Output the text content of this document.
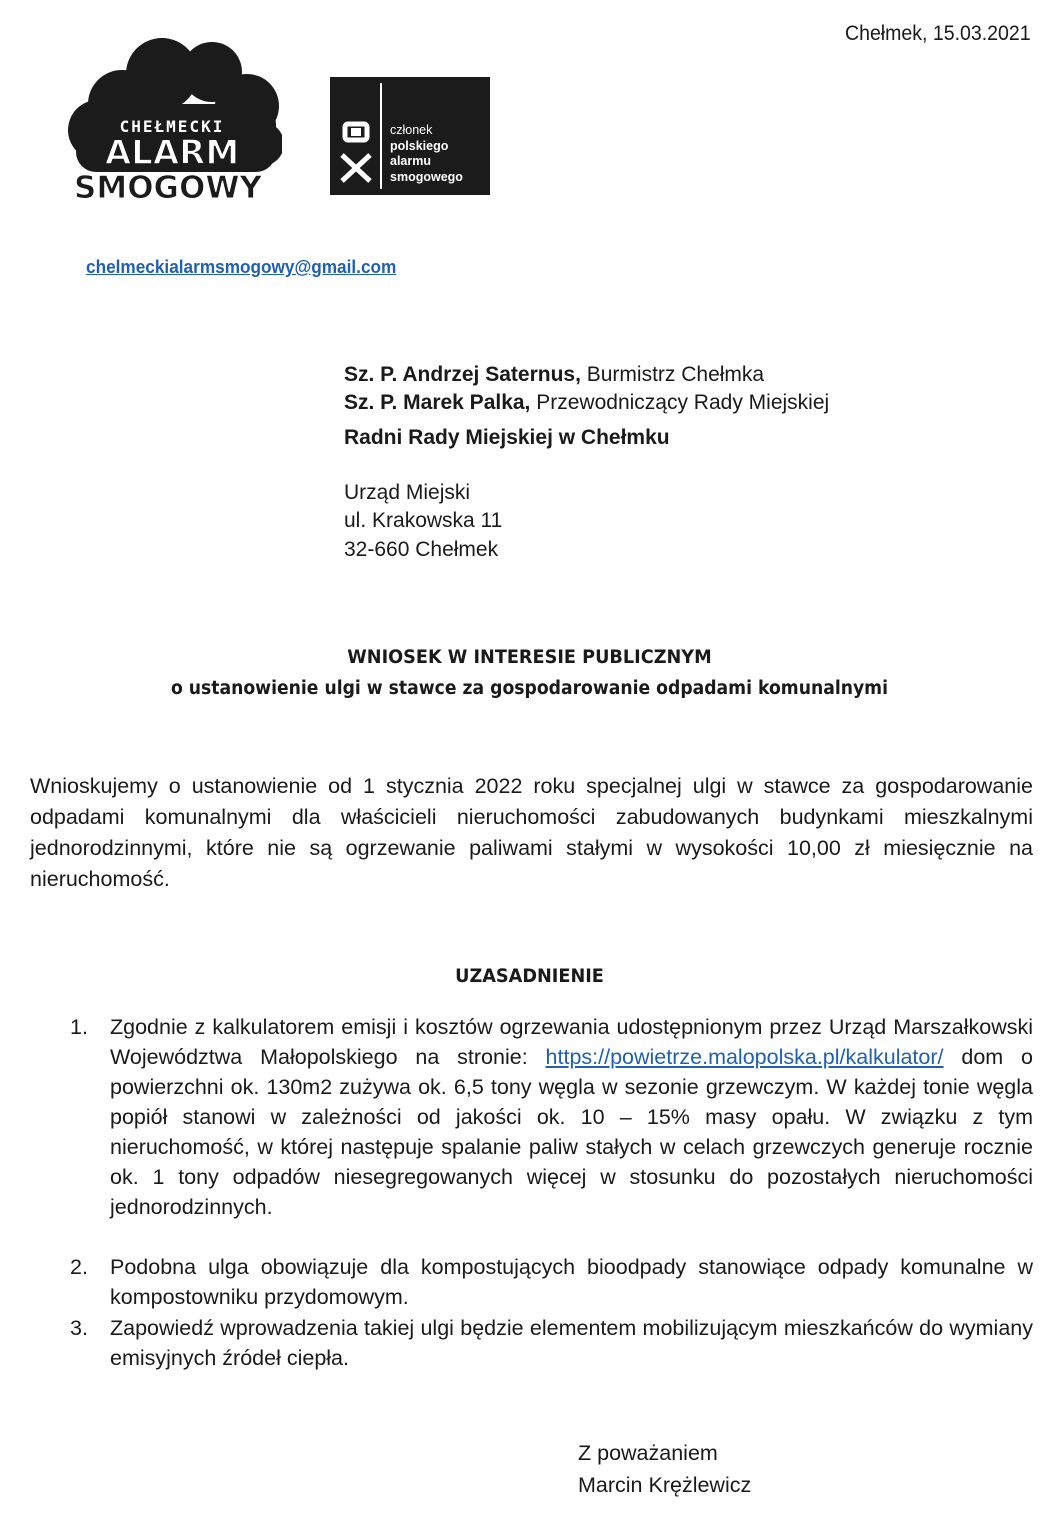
Chełmek, 15.03.2021
CHEŁMECKI
ALARM
SMOGOWY
członek
polskiego
alarmu
smogowego
chelmeckialarmsmogowy@gmail.com
Sz. P. Andrzej Saternus, Burmistrz Chełmka
Sz. P. Marek Palka, Przewodniczący Rady Miejskiej
Radni Rady Miejskiej w Chełmku
Urząd Miejski
ul. Krakowska 11
32-660 Chełmek
WNIOSEK W INTERESIE PUBLICZNYM
o ustanowienie ulgi w stawce za gospodarowanie odpadami komunalnymi
Wnioskujemy o ustanowienie od 1 stycznia 2022 roku specjalnej ulgi w stawce za gospodarowanie odpadami komunalnymi dla właścicieli nieruchomości zabudowanych budynkami mieszkalnymi jednorodzinnymi, które nie są ogrzewanie paliwami stałymi w wysokości 10,00 zł miesięcznie na nieruchomość.
UZASADNIENIE
1. Zgodnie z kalkulatorem emisji i kosztów ogrzewania udostępnionym przez Urząd Marszałkowski Województwa Małopolskiego na stronie: https://powietrze.malopolska.pl/kalkulator/ dom o powierzchni ok. 130m2 zużywa ok. 6,5 tony węgla w sezonie grzewczym. W każdej tonie węgla popiół stanowi w zależności od jakości ok. 10 – 15% masy opału. W związku z tym nieruchomość, w której następuje spalanie paliw stałych w celach grzewczych generuje rocznie ok. 1 tony odpadów niesegregowanych więcej w stosunku do pozostałych nieruchomości jednorodzinnych.
2. Podobna ulga obowiązuje dla kompostujących bioodpady stanowiące odpady komunalne w kompostowniku przydomowym.
3. Zapowiedź wprowadzenia takiej ulgi będzie elementem mobilizującym mieszkańców do wymiany emisyjnych źródeł ciepła.
Z poważaniem
Marcin Krężlewicz
